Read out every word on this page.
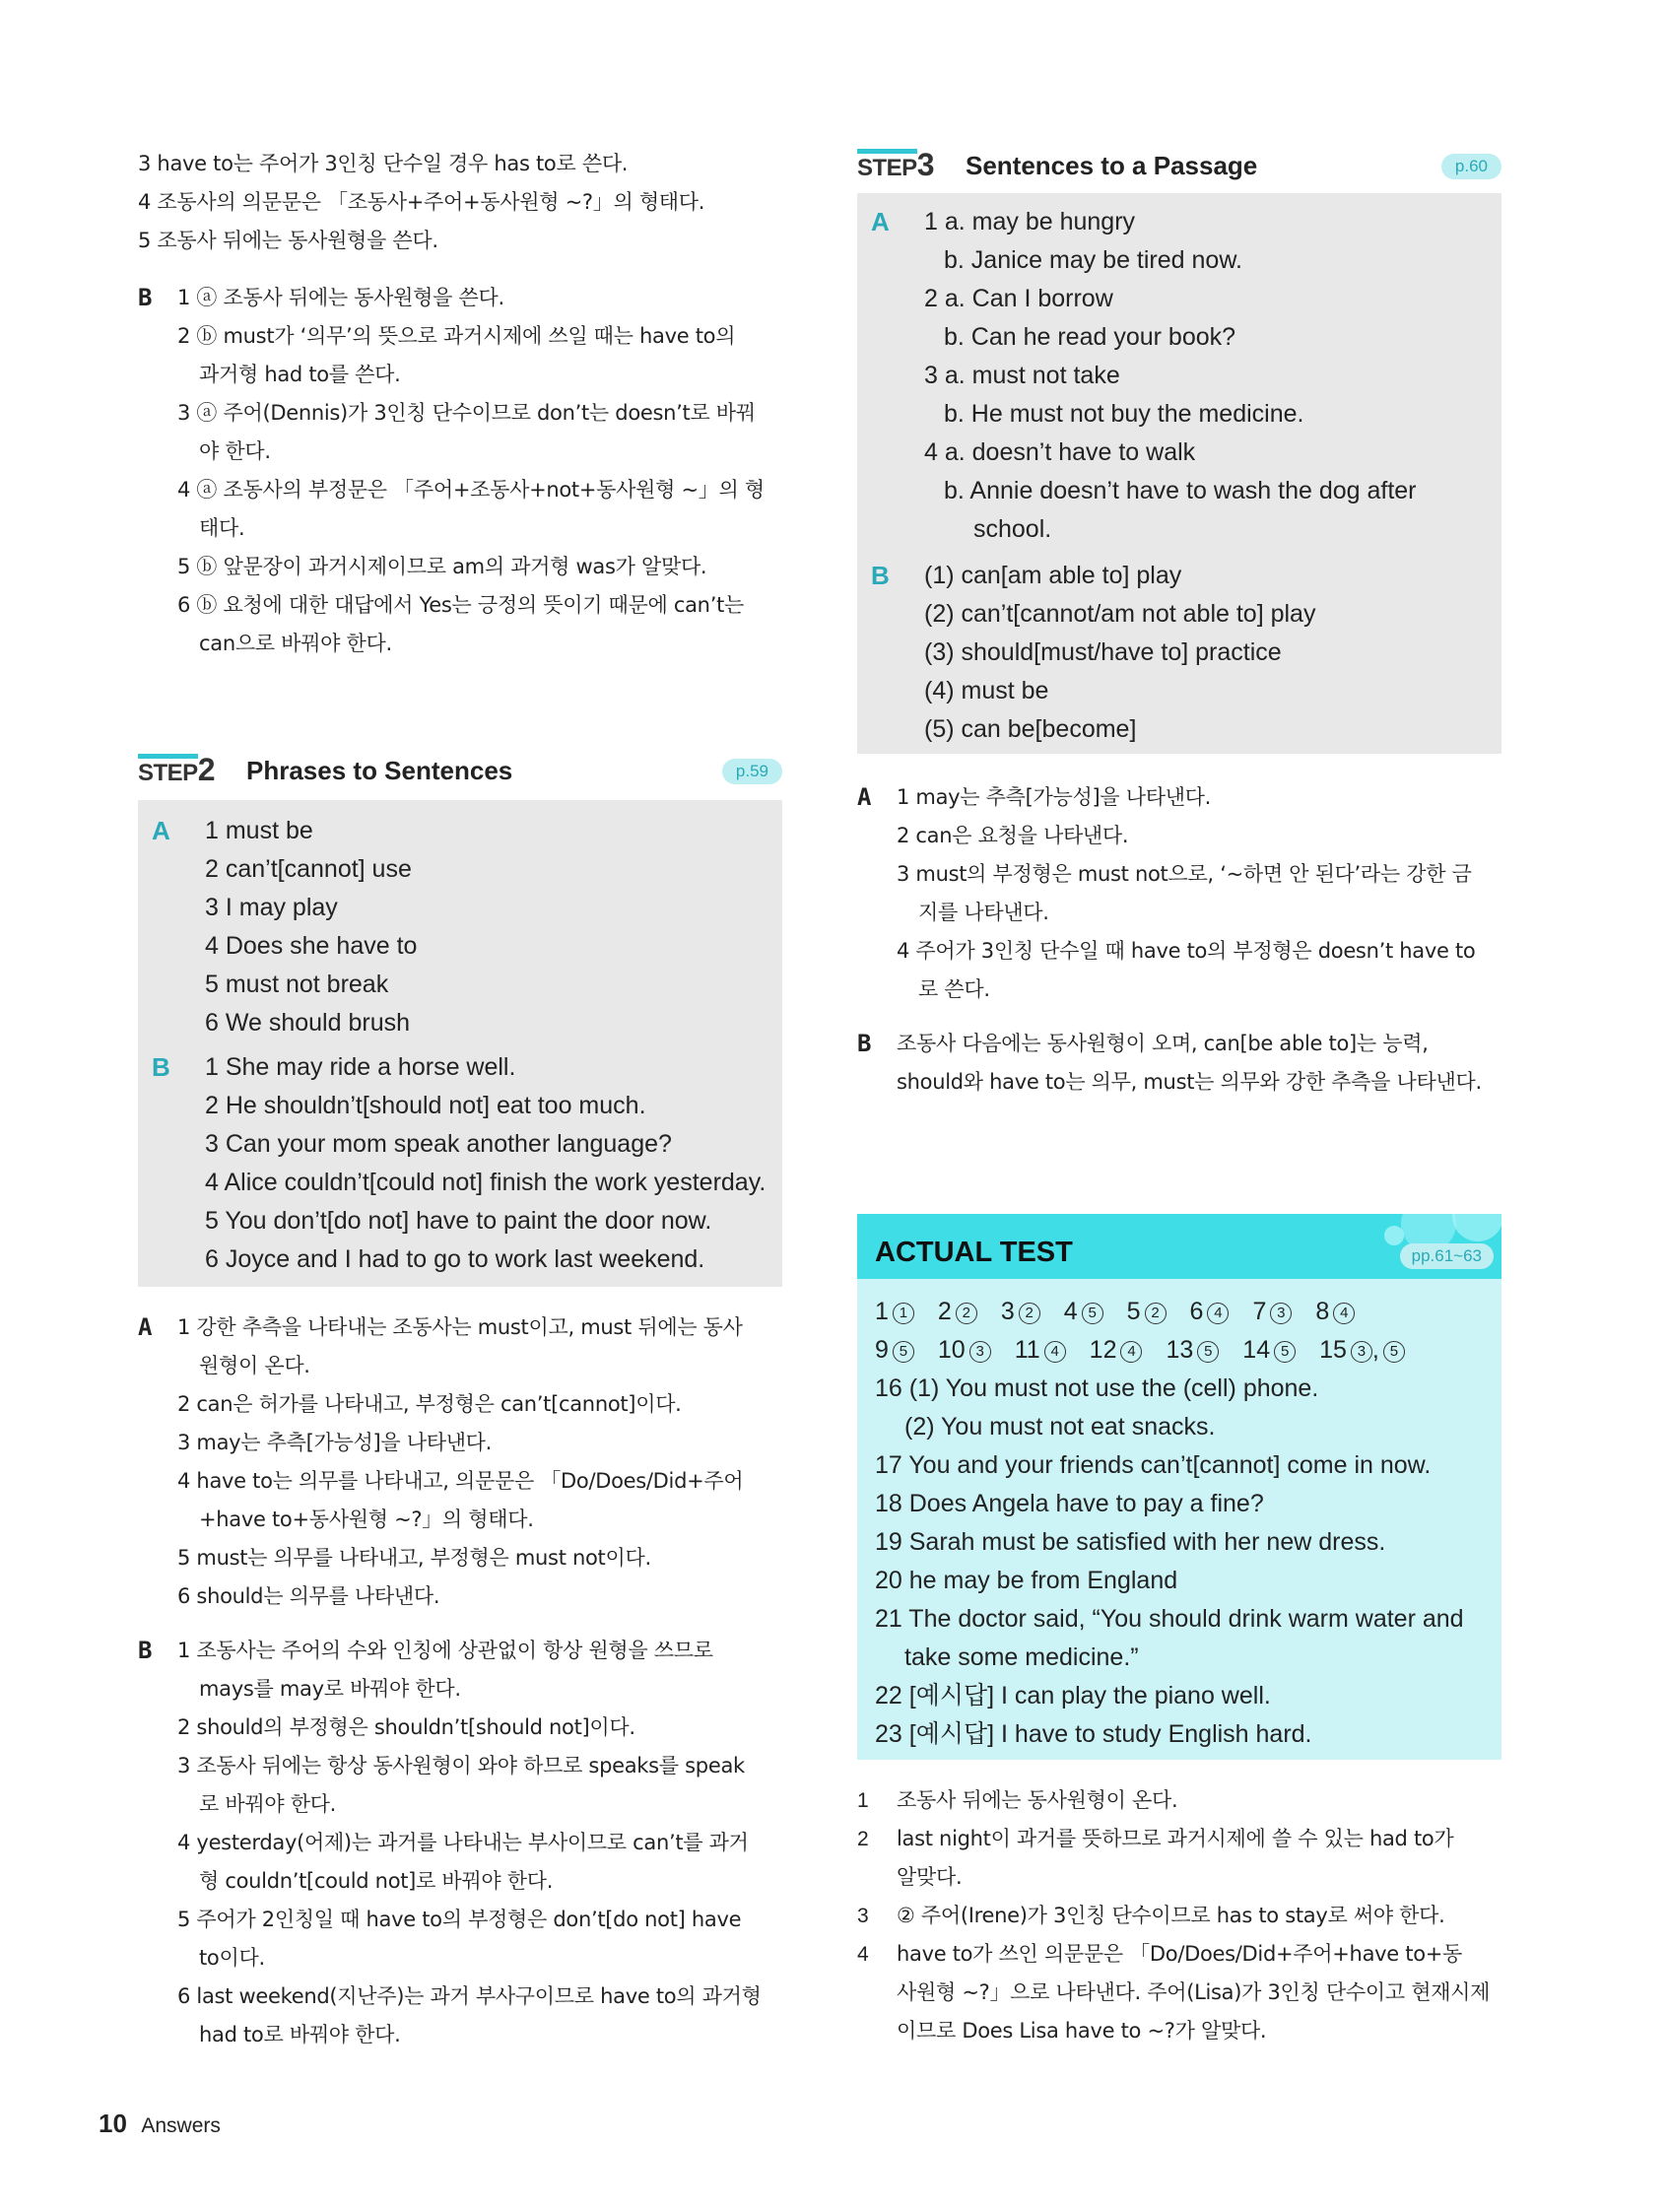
3 have to는 주어가 3인칭 단수일 경우 has to로 쓴다.
4 조동사의 의문문은 「조동사+주어+동사원형 ~?」의 형태다.
5 조동사 뒤에는 동사원형을 쓴다.
B 1 ⓐ 조동사 뒤에는 동사원형을 쓴다.
2 ⓑ must가 ‘의무’의 뜻으로 과거시제에 쓰일 때는 have to의
과거형 had to를 쓴다.
3 ⓐ 주어(Dennis)가 3인칭 단수이므로 don’t는 doesn’t로 바꿔
야 한다.
4 ⓐ 조동사의 부정문은 「주어+조동사+not+동사원형 ~」의 형
태다.
5 ⓑ 앞문장이 과거시제이므로 am의 과거형 was가 알맞다.
6 ⓑ 요청에 대한 대답에서 Yes는 긍정의 뜻이기 때문에 can’t는
can으로 바꿔야 한다.
STEP2 Phrases to Sentences	p.59
A 1 must be
2 can’t[cannot] use
3 I may play
4 Does she have to
5 must not break
6 We should brush
B 1 She may ride a horse well.
2 He shouldn’t[should not] eat too much.
3 Can your mom speak another language?
4 Alice couldn’t[could not] finish the work yesterday.
5 You don’t[do not] have to paint the door now.
6 Joyce and I had to go to work last weekend.
A 1 강한 추측을 나타내는 조동사는 must이고, must 뒤에는 동사
원형이 온다.
2 can은 허가를 나타내고, 부정형은 can’t[cannot]이다.
3 may는 추측[가능성]을 나타낸다.
4 have to는 의무를 나타내고, 의문문은 「Do/Does/Did+주어
+have to+동사원형 ~?」의 형태다.
5 must는 의무를 나타내고, 부정형은 must not이다.
6 should는 의무를 나타낸다.
B 1 조동사는 주어의 수와 인칭에 상관없이 항상 원형을 쓰므로
mays를 may로 바꿔야 한다.
2 should의 부정형은 shouldn’t[should not]이다.
3 조동사 뒤에는 항상 동사원형이 와야 하므로 speaks를 speak
로 바꿔야 한다.
4 yesterday(어제)는 과거를 나타내는 부사이므로 can’t를 과거
형 couldn’t[could not]로 바꿔야 한다.
5 주어가 2인칭일 때 have to의 부정형은 don’t[do not] have
to이다.
6 last weekend(지난주)는 과거 부사구이므로 have to의 과거형
had to로 바꿔야 한다.
STEP3 Sentences to a Passage	p.60
A 1 a. may be hungry
b. Janice may be tired now.
2 a. Can I borrow
b. Can he read your book?
3 a. must not take
b. He must not buy the medicine.
4 a. doesn’t have to walk
b. Annie doesn’t have to wash the dog after
school.
B (1) can[am able to] play
(2) can’t[cannot/am not able to] play
(3) should[must/have to] practice
(4) must be
(5) can be[become]
A 1 may는 추측[가능성]을 나타낸다.
2 can은 요청을 나타낸다.
3 must의 부정형은 must not으로, ‘~하면 안 된다’라는 강한 금
지를 나타낸다.
4 주어가 3인칭 단수일 때 have to의 부정형은 doesn’t have to
로 쓴다.
B 조동사 다음에는 동사원형이 오며, can[be able to]는 능력,
should와 have to는 의무, must는 의무와 강한 추측을 나타낸다.
ACTUAL TEST	pp.61~63
1 1 2 2 3 2 4 5 5 2 6 4 7 3 8 4
9 5 10 3 11 4 12 4 13 5 14 5 15 3 , 5
16 (1) You must not use the (cell) phone.
(2) You must not eat snacks.
17 You and your friends can’t[cannot] come in now.
18 Does Angela have to pay a fine?
19 Sarah must be satisfied with her new dress.
20 he may be from England
21 The doctor said, “You should drink warm water and
take some medicine.”
22 [예시답] I can play the piano well.
23 [예시답] I have to study English hard.
1 조동사 뒤에는 동사원형이 온다.
2 last night이 과거를 뜻하므로 과거시제에 쓸 수 있는 had to가
알맞다.
3 ② 주어(Irene)가 3인칭 단수이므로 has to stay로 써야 한다.
4 have to가 쓰인 의문문은 「Do/Does/Did+주어+have to+동
사원형 ~?」으로 나타낸다. 주어(Lisa)가 3인칭 단수이고 현재시제
이므로 Does Lisa have to ~?가 알맞다.
10 Answers
